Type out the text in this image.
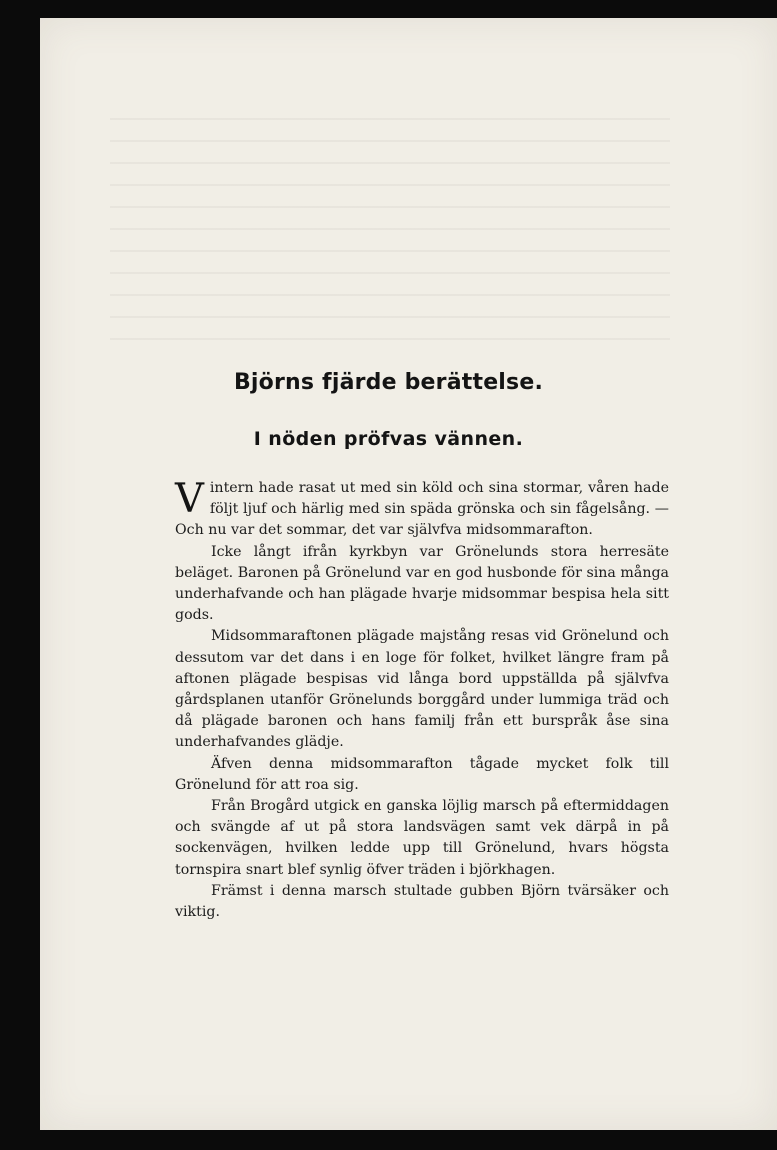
Björns fjärde berättelse.
I nöden pröfvas vännen.

Vintern hade rasat ut med sin köld och sina stormar, våren hade följt ljuf och härlig med sin späda grönska och sin fågelsång. — Och nu var det sommar, det var självfva midsommarafton.

Icke långt ifrån kyrkbyn var Grönelunds stora herresäte beläget. Baronen på Grönelund var en god husbonde för sina många underhafvande och han plägade hvarje midsommar bespisa hela sitt gods.

Midsommaraftonen plägade majstång resas vid Grönelund och dessutom var det dans i en loge för folket, hvilket längre fram på aftonen plägade bespisas vid långa bord uppställda på självfva gårdsplanen utanför Grönelunds borggård under lummiga träd och då plägade baronen och hans familj från ett burspråk åse sina underhafvandes glädje.

Äfven denna midsommarafton tågade mycket folk till Grönelund för att roa sig.

Från Brogård utgick en ganska löjlig marsch på eftermiddagen och svängde af ut på stora landsvägen samt vek därpå in på sockenvägen, hvilken ledde upp till Grönelund, hvars högsta tornspira snart blef synlig öfver träden i björkhagen.

Främst i denna marsch stultade gubben Björn tvärsäker och viktig.
